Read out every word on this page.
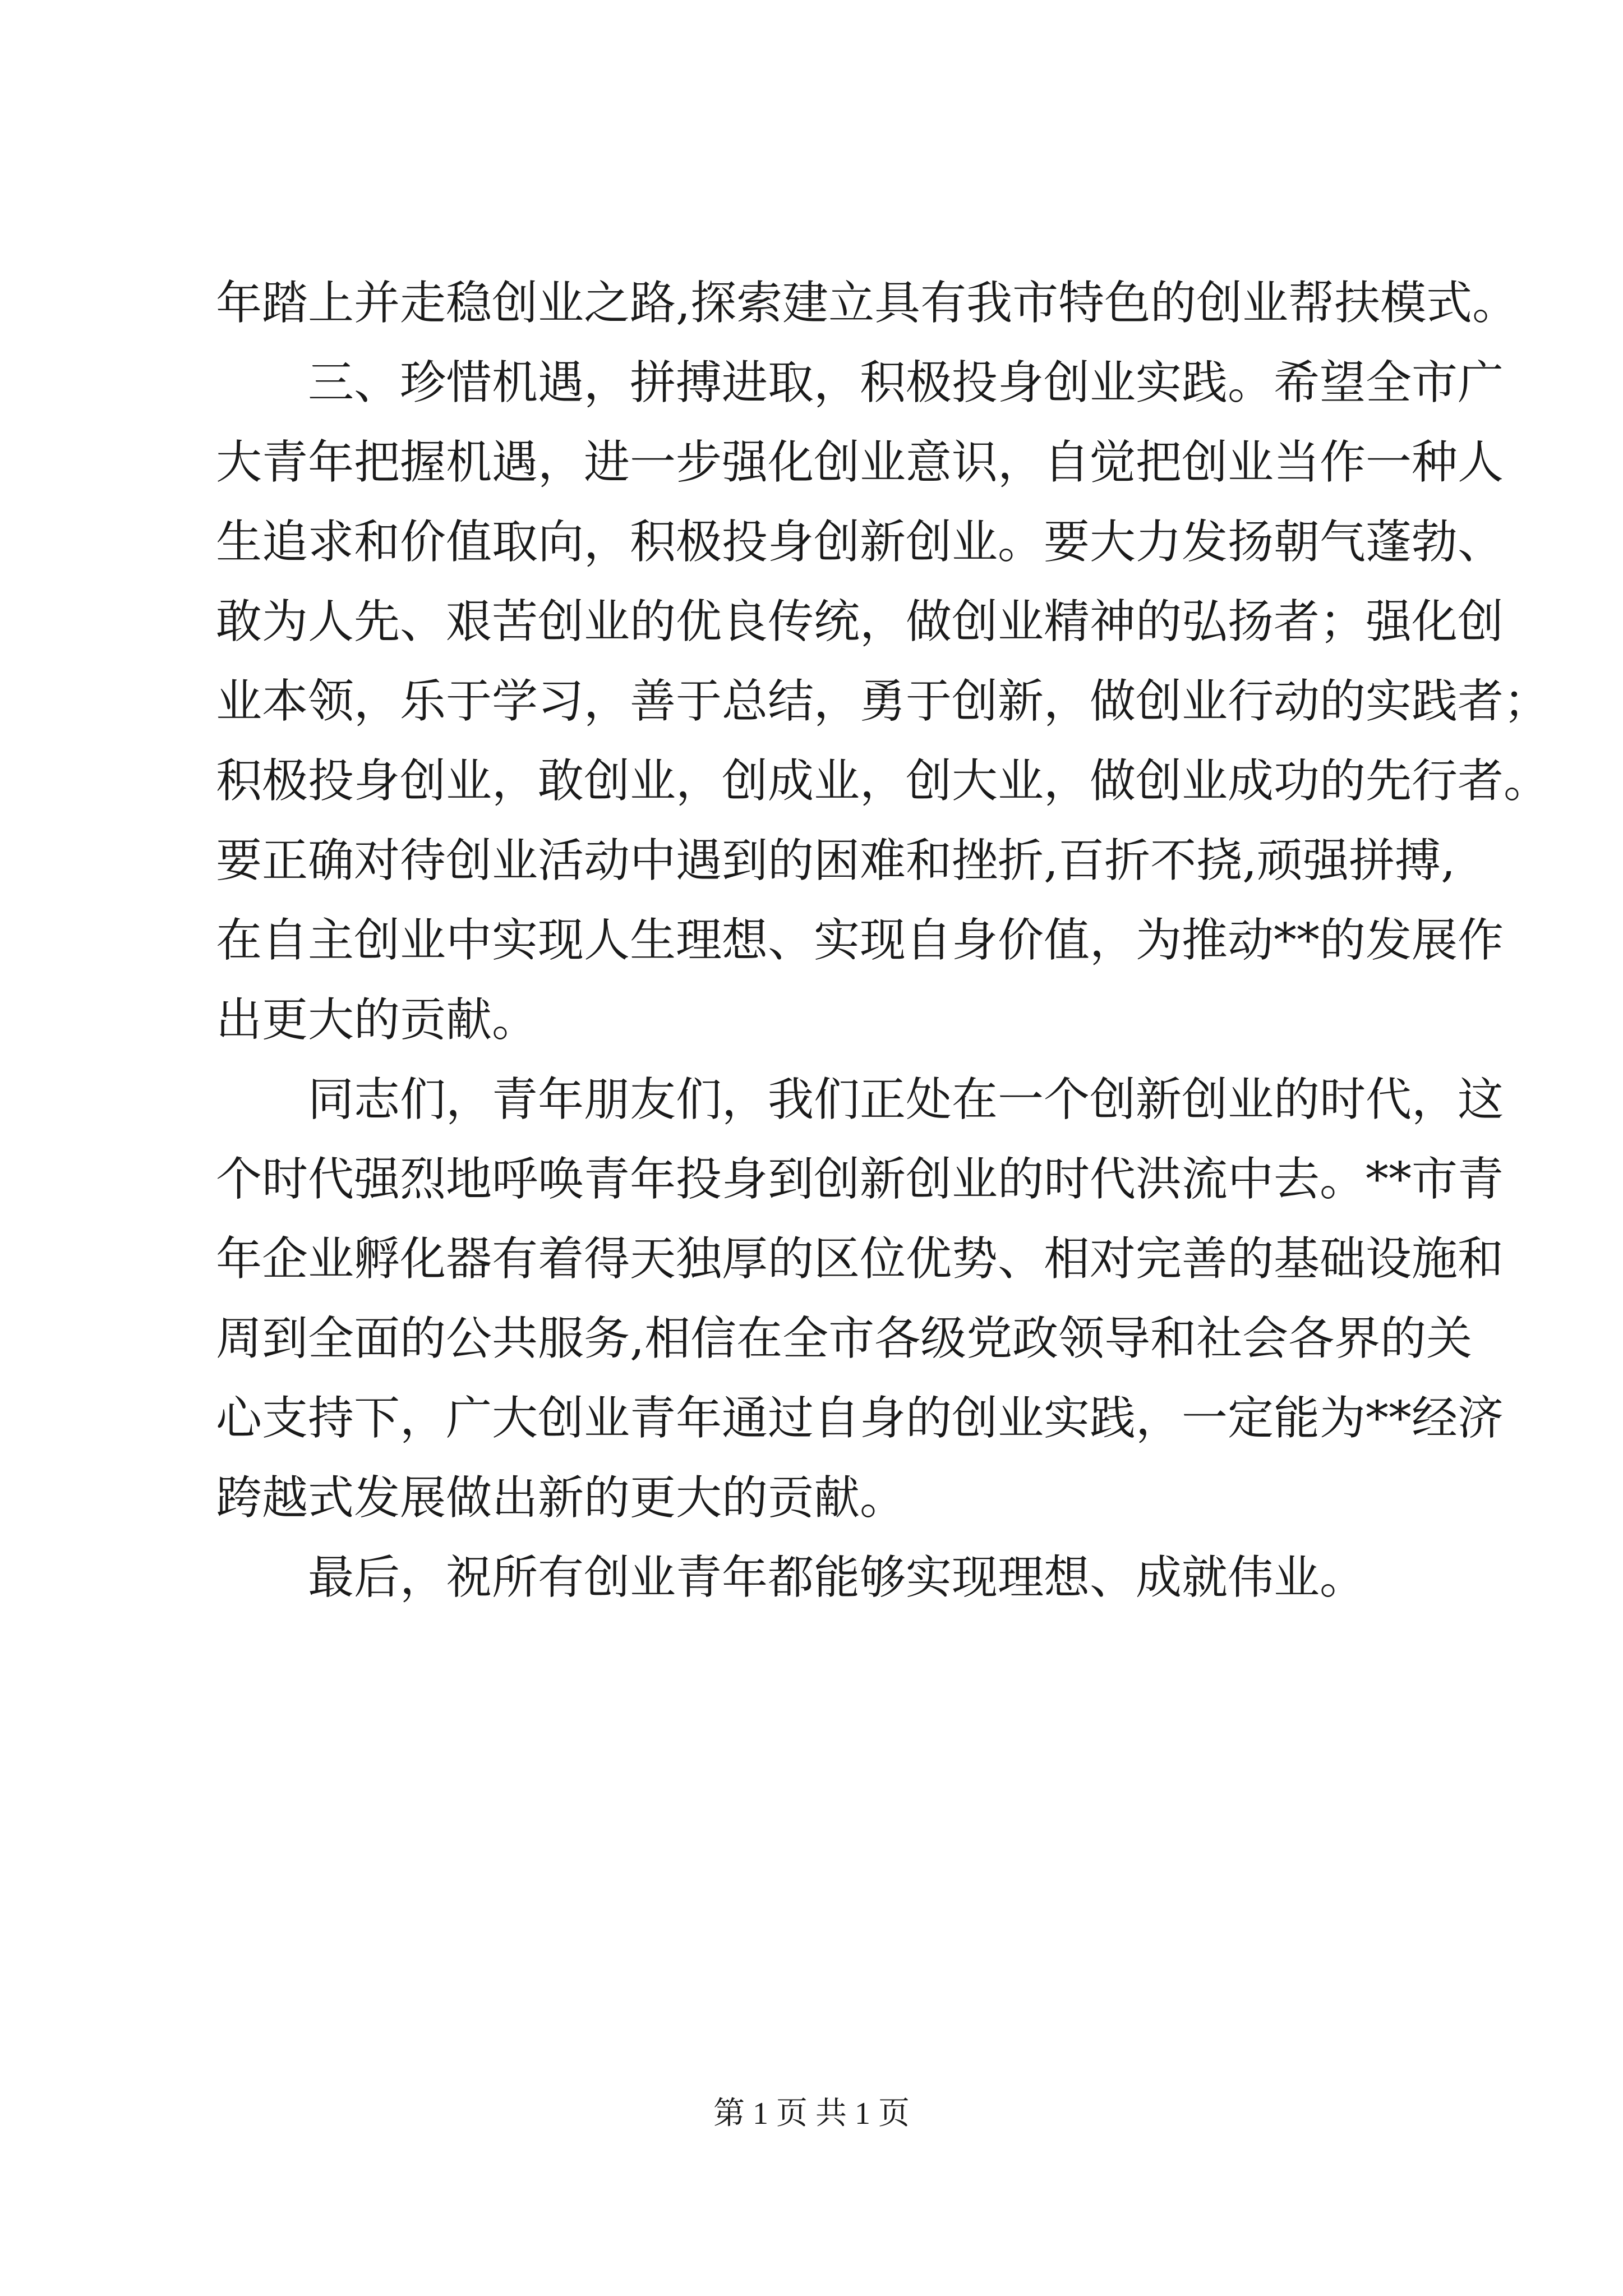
年踏上并走稳创业之路,探索建立具有我市特色的创业帮扶模式。
三、珍惜机遇，拼搏进取，积极投身创业实践。希望全市广
大青年把握机遇，进一步强化创业意识，自觉把创业当作一种人
生追求和价值取向，积极投身创新创业。要大力发扬朝气蓬勃、
敢为人先、艰苦创业的优良传统，做创业精神的弘扬者；强化创
业本领，乐于学习，善于总结，勇于创新，做创业行动的实践者；
积极投身创业，敢创业，创成业，创大业，做创业成功的先行者。
要正确对待创业活动中遇到的困难和挫折,百折不挠,顽强拼搏,
在自主创业中实现人生理想、实现自身价值，为推动**的发展作
出更大的贡献。
同志们，青年朋友们，我们正处在一个创新创业的时代，这
个时代强烈地呼唤青年投身到创新创业的时代洪流中去。**市青
年企业孵化器有着得天独厚的区位优势、相对完善的基础设施和
周到全面的公共服务,相信在全市各级党政领导和社会各界的关
心支持下，广大创业青年通过自身的创业实践，一定能为**经济
跨越式发展做出新的更大的贡献。
最后，祝所有创业青年都能够实现理想、成就伟业。
第 1 页 共 1 页
